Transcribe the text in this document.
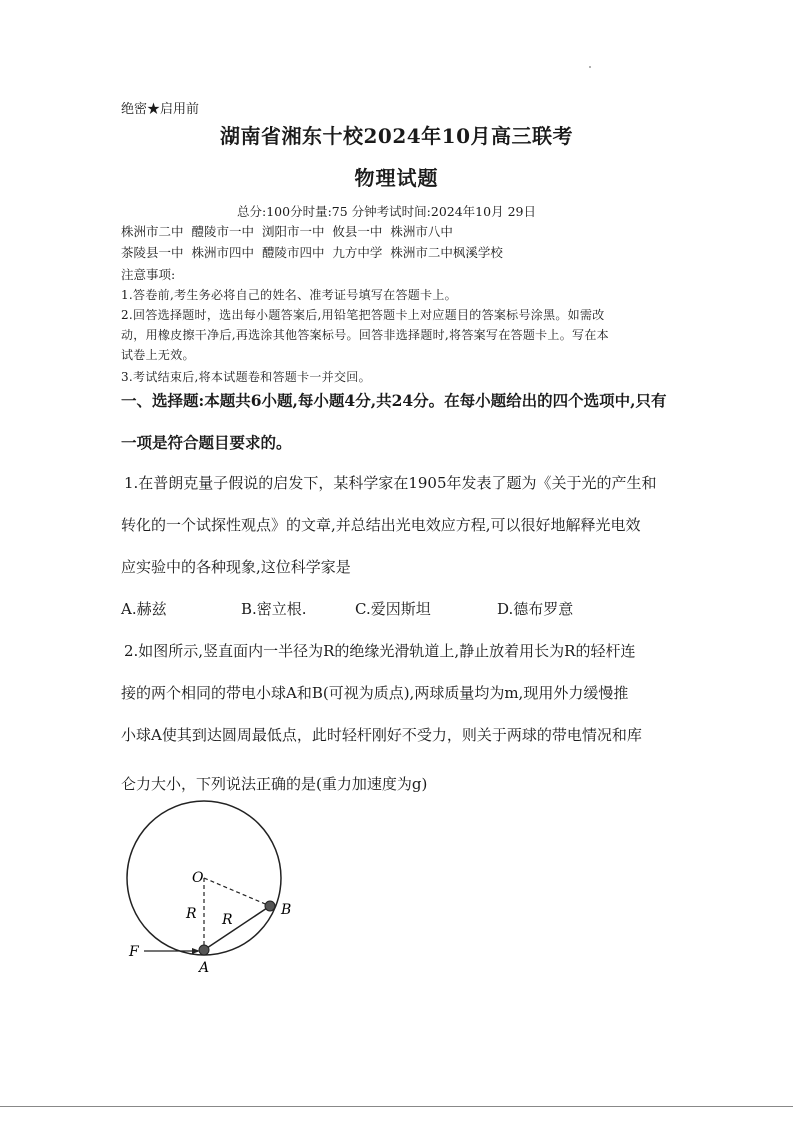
绝密★启用前
湖南省湘东十校2024年10月高三联考
物理试题
总分:100分时量:75 分钟考试时间:2024年10月 29日
株洲市二中 醴陵市一中 浏阳市一中 攸县一中 株洲市八中
茶陵县一中 株洲市四中 醴陵市四中 九方中学 株洲市二中枫溪学校
注意事项:
1.答卷前,考生务必将自己的姓名、准考证号填写在答题卡上。
2.回答选择题时，选出每小题答案后,用铅笔把答题卡上对应题目的答案标号涂黑。如需改
动，用橡皮擦干净后,再选涂其他答案标号。回答非选择题时,将答案写在答题卡上。写在本
试卷上无效。
3.考试结束后,将本试题卷和答题卡一并交回。
一、选择题:本题共6小题,每小题4分,共24分。在每小题给出的四个选项中,只有
一项是符合题目要求的。
1.在普朗克量子假说的启发下，某科学家在1905年发表了题为《关于光的产生和
转化的一个试探性观点》的文章,并总结出光电效应方程,可以很好地解释光电效
应实验中的各种现象,这位科学家是
A.赫兹	B.密立根.	C.爱因斯坦	D.德布罗意
2.如图所示,竖直面内一半径为R的绝缘光滑轨道上,静止放着用长为R的轻杆连
接的两个相同的带电小球A和B(可视为质点),两球质量均为m,现用外力缓慢推
小球A使其到达圆周最低点，此时轻杆刚好不受力，则关于两球的带电情况和库
仑力大小，下列说法正确的是(重力加速度为g)
O
R R
B
A
F
